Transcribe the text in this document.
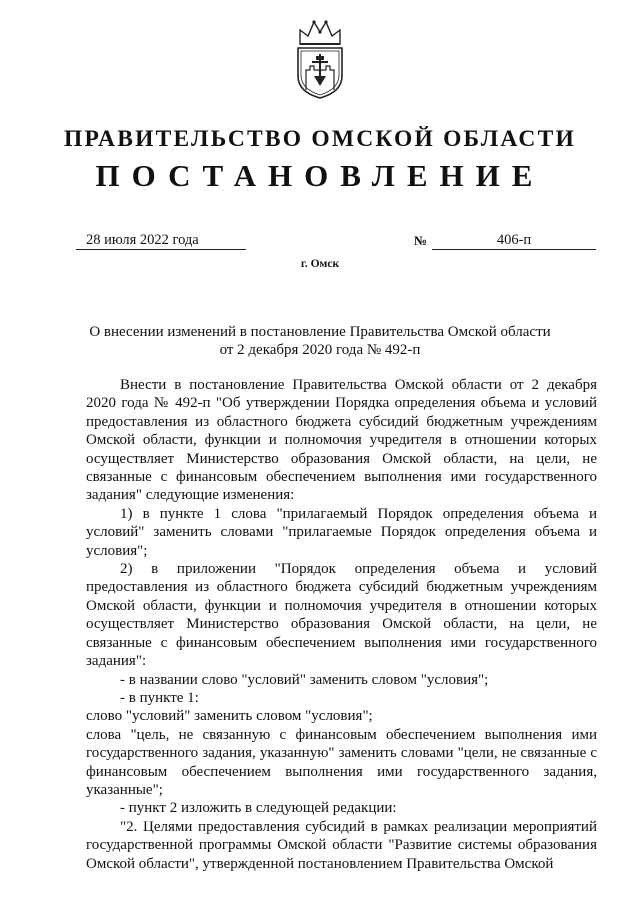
ПРАВИТЕЛЬСТВО ОМСКОЙ ОБЛАСТИ
ПОСТАНОВЛЕНИЕ
28 июля 2022 года	№	406-п
г. Омск
О внесении изменений в постановление Правительства Омской области
от 2 декабря 2020 года № 492-п

Внести в постановление Правительства Омской области от 2 декабря 2020 года № 492-п "Об утверждении Порядка определения объема и условий предоставления из областного бюджета субсидий бюджетным учреждениям Омской области, функции и полномочия учредителя в отношении которых осуществляет Министерство образования Омской области, на цели, не связанные с финансовым обеспечением выполнения ими государственного задания" следующие изменения:

1) в пункте 1 слова "прилагаемый Порядок определения объема и условий" заменить словами "прилагаемые Порядок определения объема и условия";

2) в приложении "Порядок определения объема и условий предоставления из областного бюджета субсидий бюджетным учреждениям Омской области, функции и полномочия учредителя в отношении которых осуществляет Министерство образования Омской области, на цели, не связанные с финансовым обеспечением выполнения ими государственного задания":

- в названии слово "условий" заменить словом "условия";

- в пункте 1:

слово "условий" заменить словом "условия";

слова "цель, не связанную с финансовым обеспечением выполнения ими государственного задания, указанную" заменить словами "цели, не связанные с финансовым обеспечением выполнения ими государственного задания, указанные";

- пункт 2 изложить в следующей редакции:

"2. Целями предоставления субсидий в рамках реализации мероприятий государственной программы Омской области "Развитие системы образования Омской области", утвержденной постановлением Правительства Омской
